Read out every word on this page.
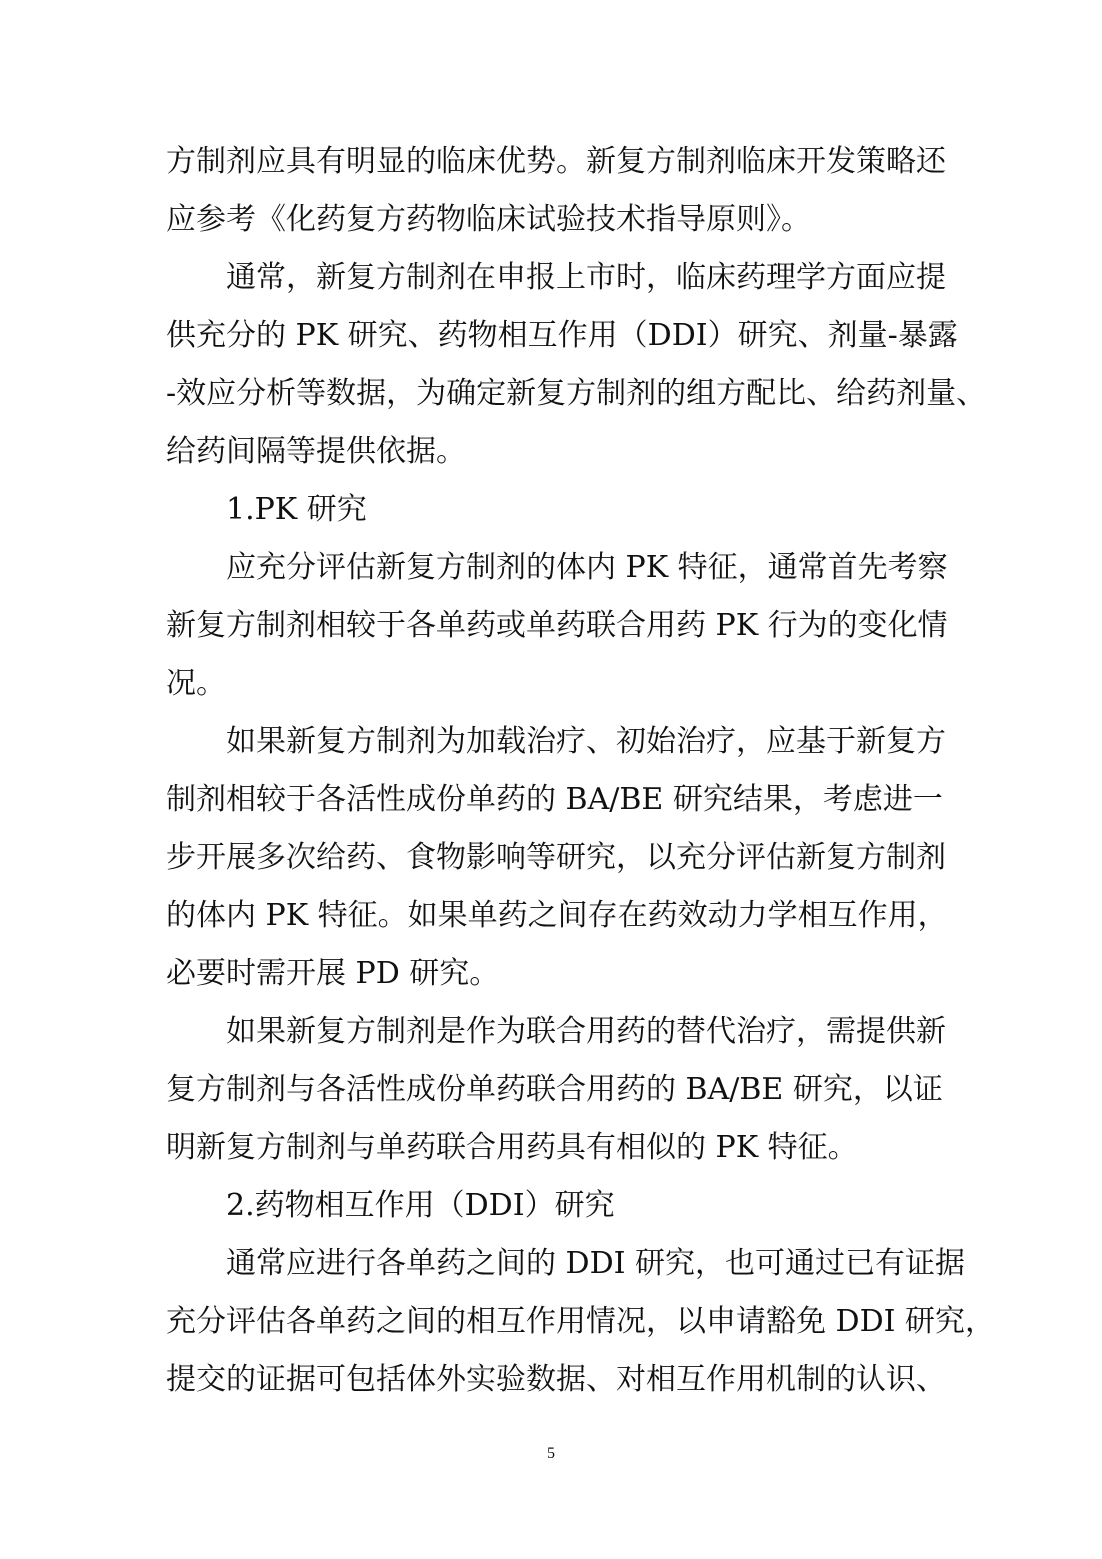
方制剂应具有明显的临床优势。新复方制剂临床开发策略还
应参考《化药复方药物临床试验技术指导原则》。
通常，新复方制剂在申报上市时，临床药理学方面应提
供充分的 PK 研究、药物相互作用（DDI）研究、剂量-暴露
-效应分析等数据，为确定新复方制剂的组方配比、给药剂量、
给药间隔等提供依据。
1.PK 研究
应充分评估新复方制剂的体内 PK 特征，通常首先考察
新复方制剂相较于各单药或单药联合用药 PK 行为的变化情
况。
如果新复方制剂为加载治疗、初始治疗，应基于新复方
制剂相较于各活性成份单药的 BA/BE 研究结果，考虑进一
步开展多次给药、食物影响等研究，以充分评估新复方制剂
的体内 PK 特征。如果单药之间存在药效动力学相互作用，
必要时需开展 PD 研究。
如果新复方制剂是作为联合用药的替代治疗，需提供新
复方制剂与各活性成份单药联合用药的 BA/BE 研究，以证
明新复方制剂与单药联合用药具有相似的 PK 特征。
2.药物相互作用（DDI）研究
通常应进行各单药之间的 DDI 研究，也可通过已有证据
充分评估各单药之间的相互作用情况，以申请豁免 DDI 研究，
提交的证据可包括体外实验数据、对相互作用机制的认识、
5
